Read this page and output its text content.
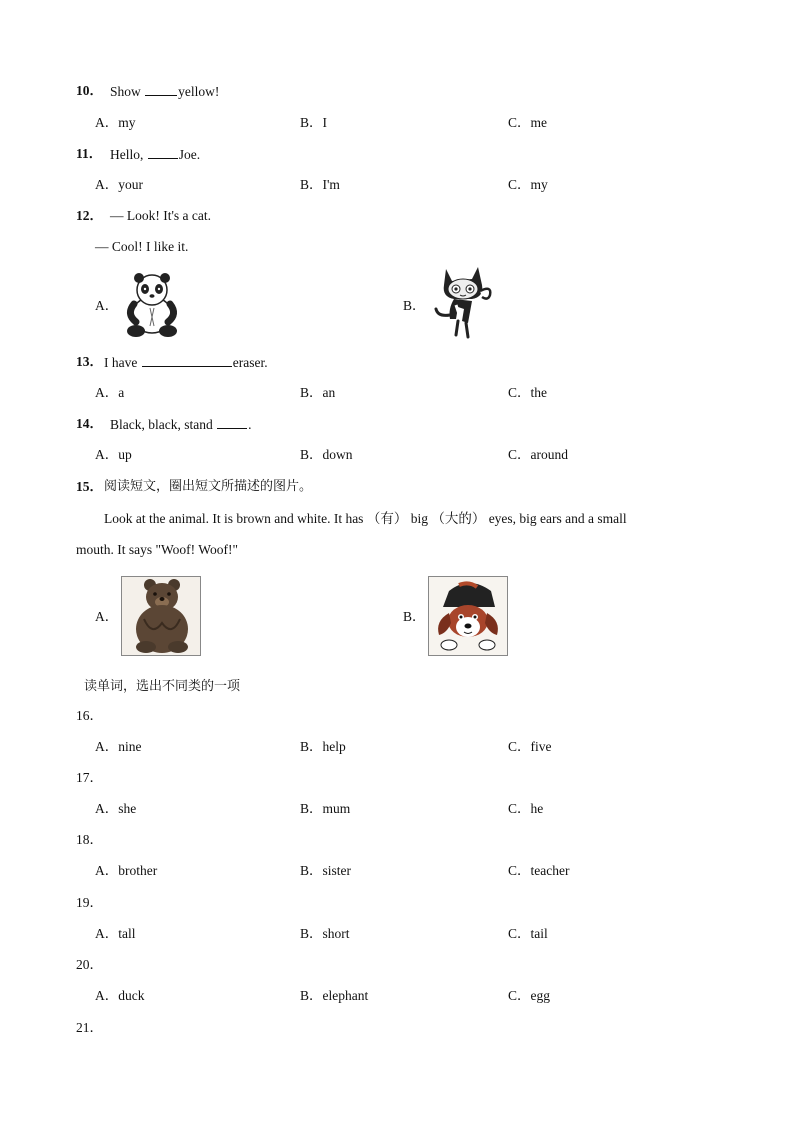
10． Show	yellow!
A．my	B．I	C．me
11． Hello, Joe.
A．your	B．I'm	C．my
12． — Look! It's a cat.
— Cool! I like it.
A．	B．
13． I have	eraser.
A．a	B．an	C．the
14． Black, black, stand .
A．up	B．down	C．around
15． 阅读短文，圈出短文所描述的图片。
Look at the animal. It is brown and white. It has （有） big （大的） eyes, big ears and a small
mouth. It says "Woof! Woof!"
A．	B．
读单词，选出不同类的一项
16．
A．nine	B．help	C．five
17．
A．she	B．mum	C．he
18．
A．brother	B．sister	C．teacher
19．
A．tall	B．short	C．tail
20．
A．duck	B．elephant	C．egg
21．
